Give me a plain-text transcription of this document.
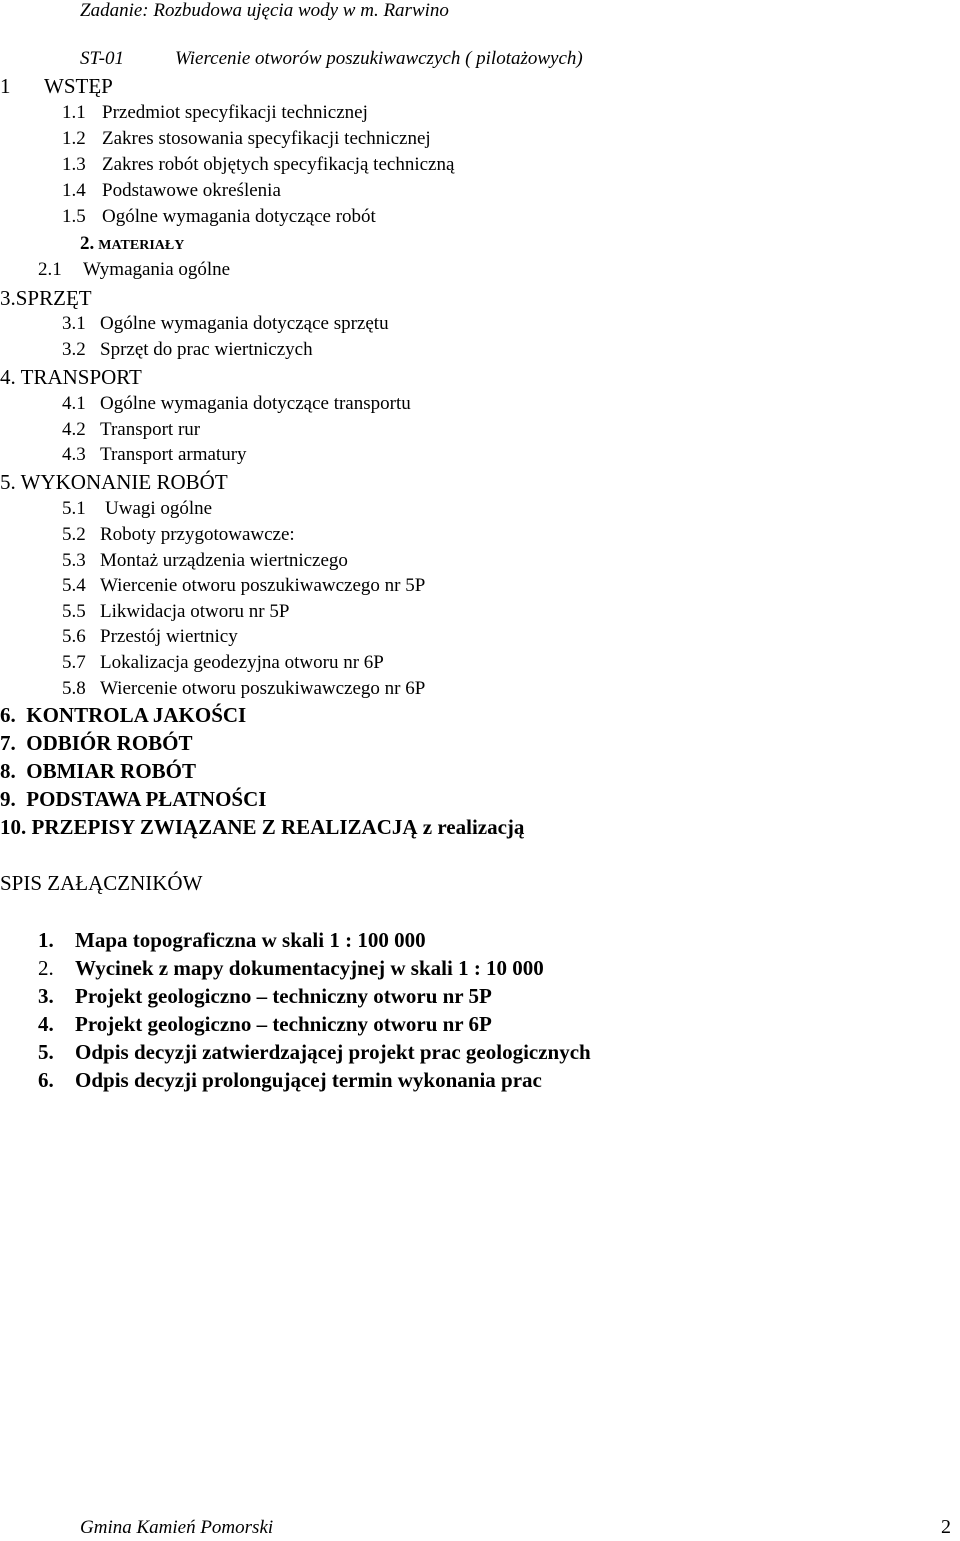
Zadanie: Rozbudowa ujęcia wody w m. Rarwino
ST-01	Wiercenie otworów poszukiwawczych ( pilotażowych)
1 WSTĘP
1.1 Przedmiot specyfikacji technicznej
1.2 Zakres stosowania specyfikacji technicznej
1.3 Zakres robót objętych specyfikacją techniczną
1.4 Podstawowe określenia
1.5 Ogólne wymagania dotyczące robót
2. MATERIAŁY
2.1 Wymagania ogólne
3.SPRZĘT
3.1 Ogólne wymagania dotyczące sprzętu
3.2 Sprzęt do prac wiertniczych
4. TRANSPORT
4.1 Ogólne wymagania dotyczące transportu
4.2 Transport rur
4.3 Transport armatury
5. WYKONANIE ROBÓT
5.1 Uwagi ogólne
5.2 Roboty przygotowawcze:
5.3 Montaż urządzenia wiertniczego
5.4 Wiercenie otworu poszukiwawczego nr 5P
5.5 Likwidacja otworu nr 5P
5.6 Przestój wiertnicy
5.7 Lokalizacja geodezyjna otworu nr 6P
5.8 Wiercenie otworu poszukiwawczego nr 6P
6.  KONTROLA JAKOŚCI
7.  ODBIÓR ROBÓT
8.  OBMIAR ROBÓT
9.  PODSTAWA PŁATNOŚCI
10. PRZEPISY ZWIĄZANE Z REALIZACJĄ z realizacją
SPIS ZAŁĄCZNIKÓW
1. Mapa topograficzna w skali 1 : 100 000
2. Wycinek z mapy dokumentacyjnej w skali 1 : 10 000
3. Projekt geologiczno – techniczny otworu nr 5P
4. Projekt geologiczno – techniczny otworu nr 6P
5. Odpis decyzji zatwierdzającej projekt prac geologicznych
6. Odpis decyzji prolongującej termin wykonania prac
Gmina Kamień Pomorski	2
